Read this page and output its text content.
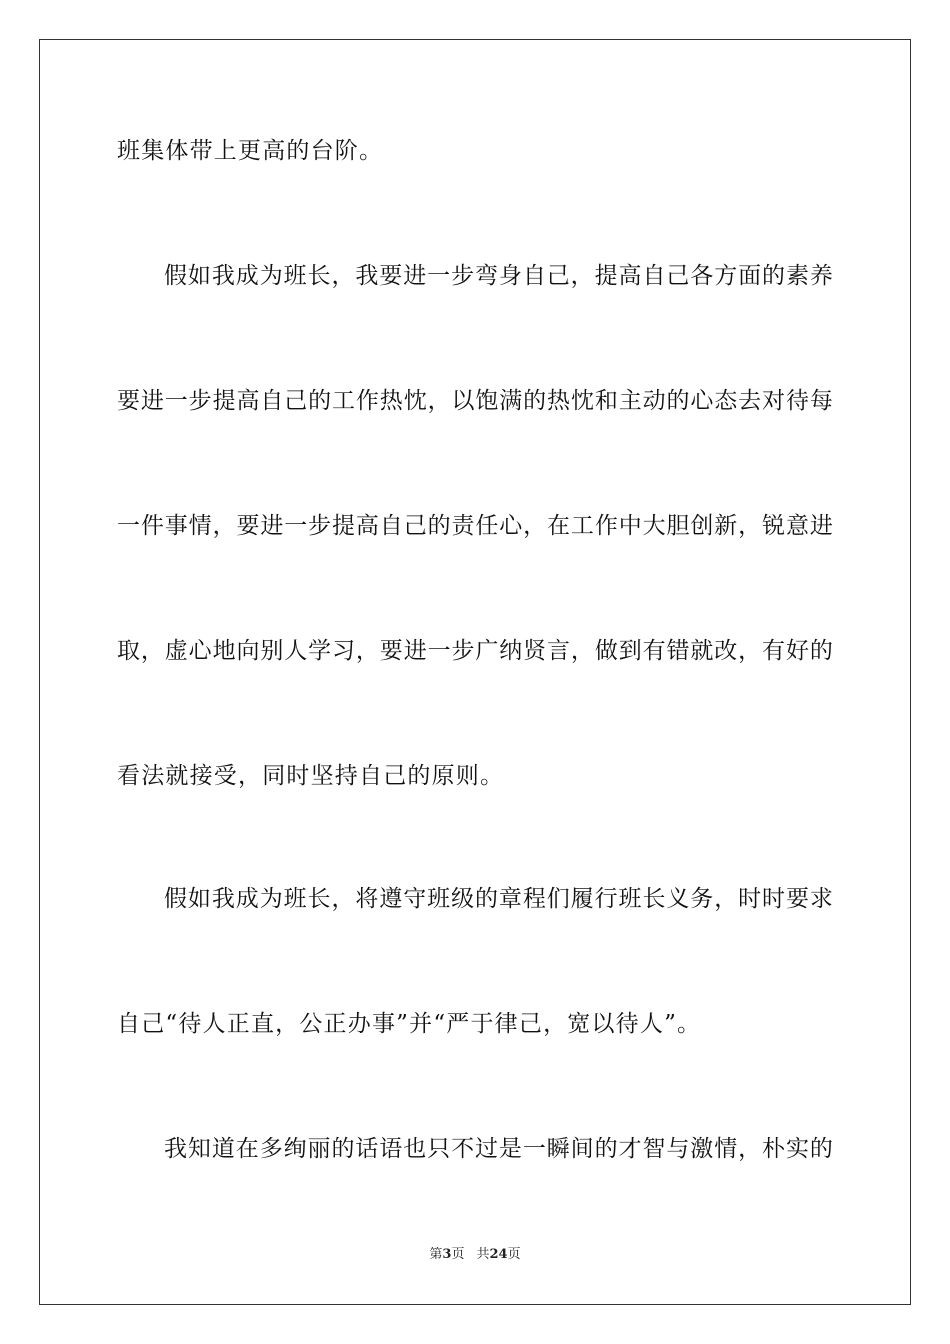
班集体带上更高的台阶。
假 如 我 成 为 班 长 ， 我 要 进 一 步 弯 身 自 己 ， 提 高 自 己 各 方 面 的 素 养
要 进 一 步 提 高 自 己 的 工 作 热 忱 ， 以 饱 满 的 热 忱 和 主 动 的 心 态 去 对 待 每
一 件 事 情 ， 要 进 一 步 提 高 自 己 的 责 任 心 ， 在 工 作 中 大 胆 创 新 ， 锐 意 进
取 ， 虚 心 地 向 别 人 学 习 ， 要 进 一 步 广 纳 贤 言 ， 做 到 有 错 就 改 ， 有 好 的
看法就接受，同时坚持自己的原则。
假 如 我 成 为 班 长 ， 将 遵 守 班 级 的 章 程 们 履 行 班 长 义 务 ， 时 时 要 求
自己“待人正直，公正办事”并“严于律己，宽以待人”。
我 知 道 在 多 绚 丽 的 话 语 也 只 不 过 是 一 瞬 间 的 才 智 与 激 情 ， 朴 实 的
第3页 共24页
